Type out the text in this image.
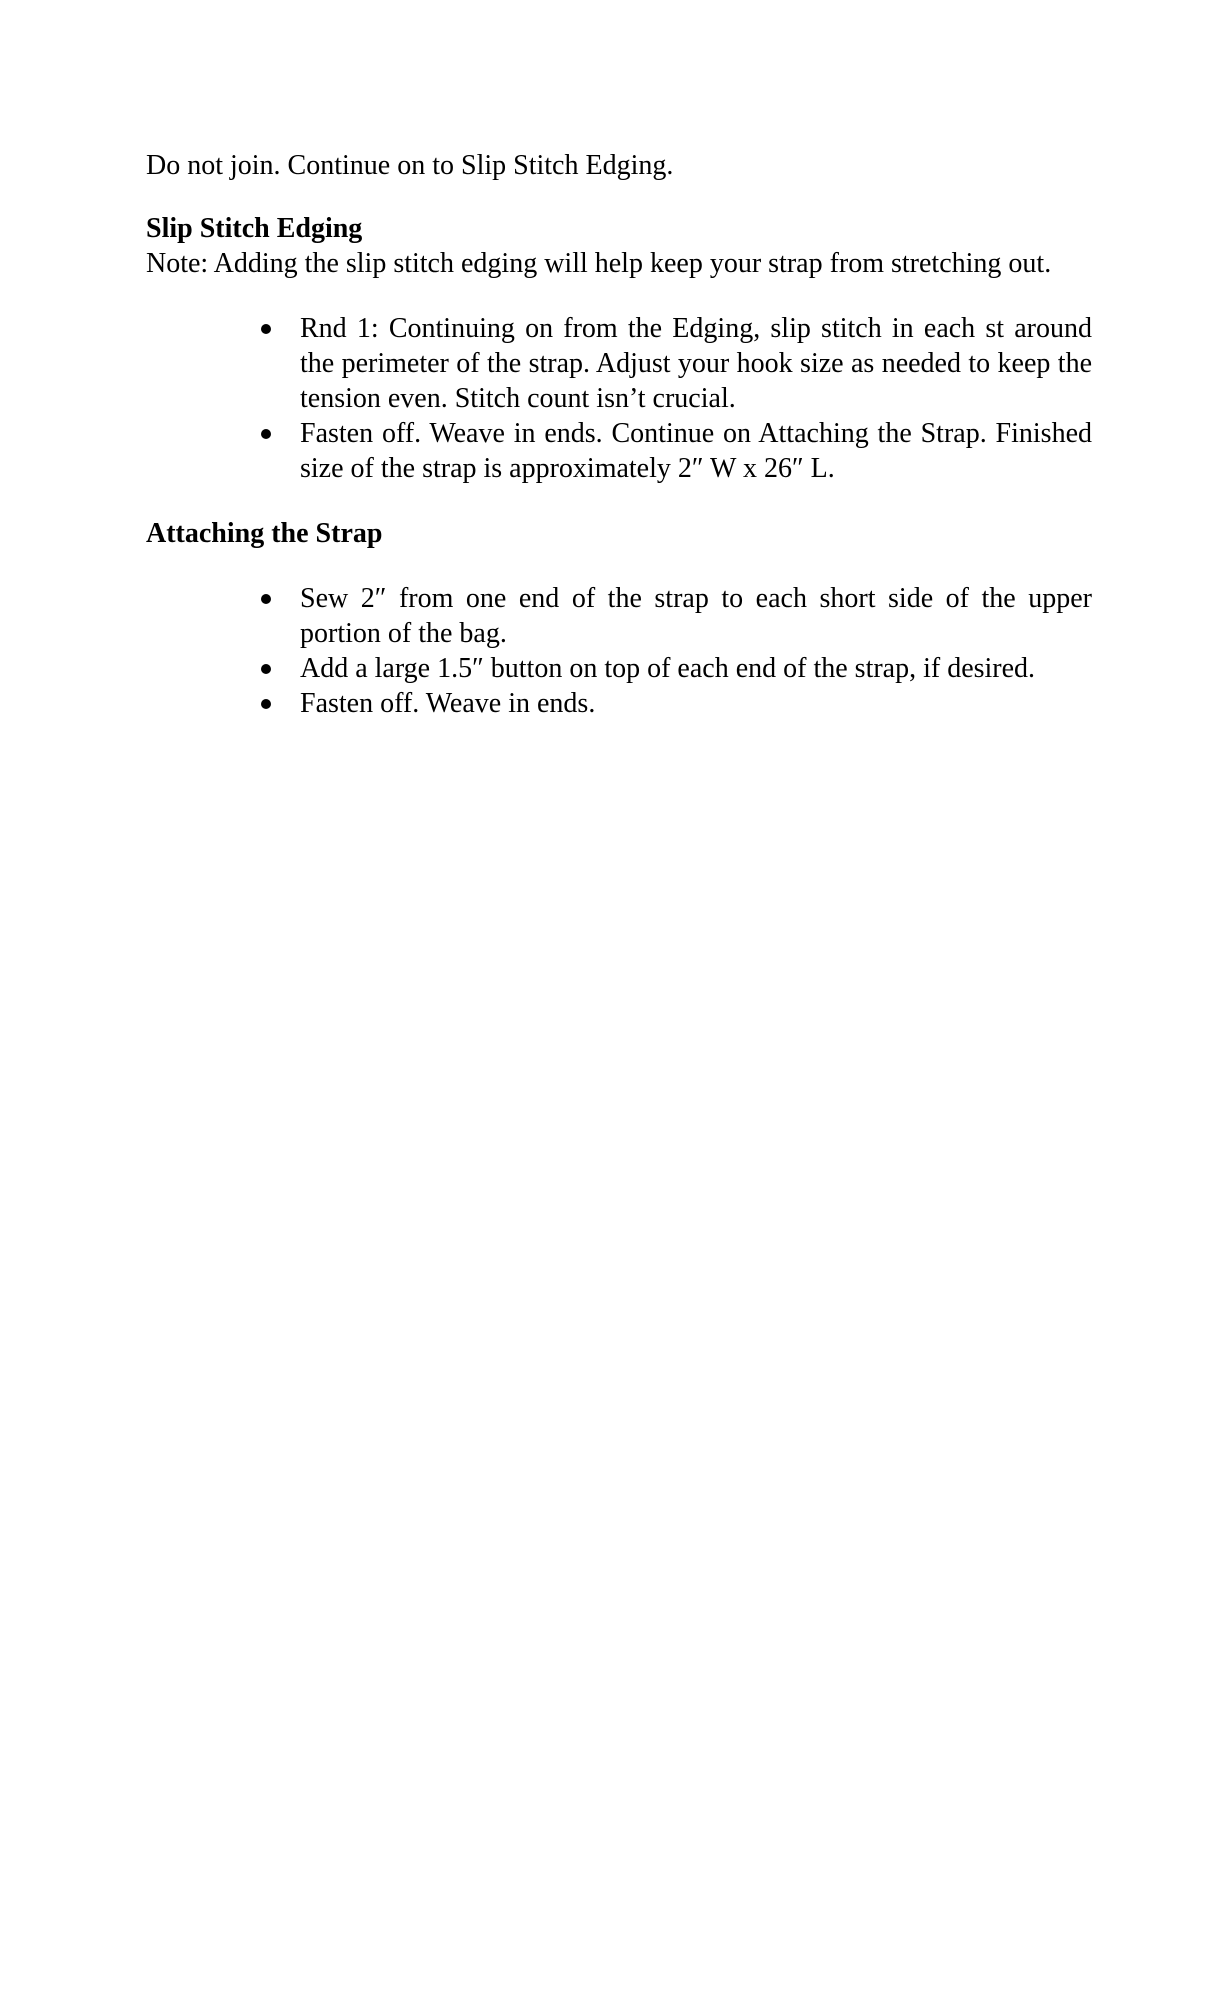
Do not join. Continue on to Slip Stitch Edging.

Slip Stitch Edging

Note: Adding the slip stitch edging will help keep your strap from stretching out.

Rnd 1: Continuing on from the Edging, slip stitch in each st around the perimeter of the strap. Adjust your hook size as needed to keep the tension even. Stitch count isn’t crucial.
Fasten off. Weave in ends. Continue on Attaching the Strap. Finished size of the strap is approximately 2″ W x 26″ L.

Attaching the Strap

Sew 2″ from one end of the strap to each short side of the upper portion of the bag.
Add a large 1.5″ button on top of each end of the strap, if desired.
Fasten off. Weave in ends.
